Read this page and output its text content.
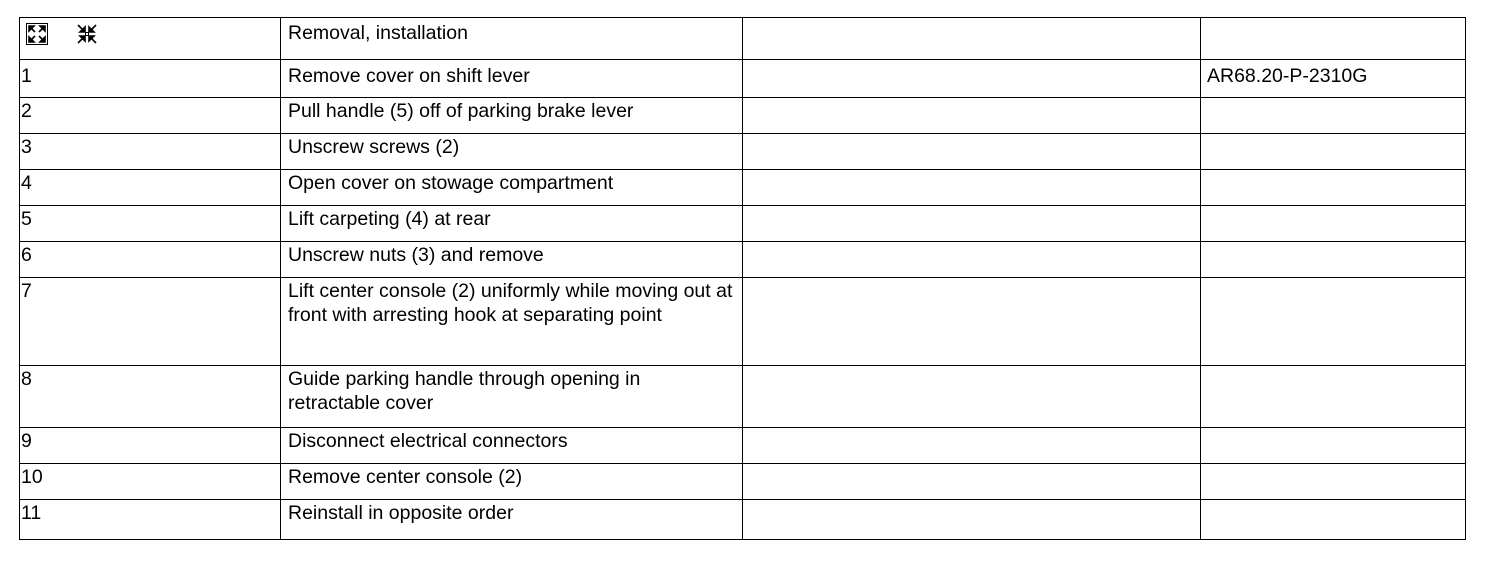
	Removal, installation		
1	Remove cover on shift lever		AR68.20-P-2310G
2	Pull handle (5) off of parking brake lever		
3	Unscrew screws (2)		
4	Open cover on stowage compartment		
5	Lift carpeting (4) at rear		
6	Unscrew nuts (3) and remove		
7	Lift center console (2) uniformly while moving out at front with arresting hook at separating point		
8	Guide parking handle through opening in retractable cover		
9	Disconnect electrical connectors		
10	Remove center console (2)		
11	Reinstall in opposite order		
